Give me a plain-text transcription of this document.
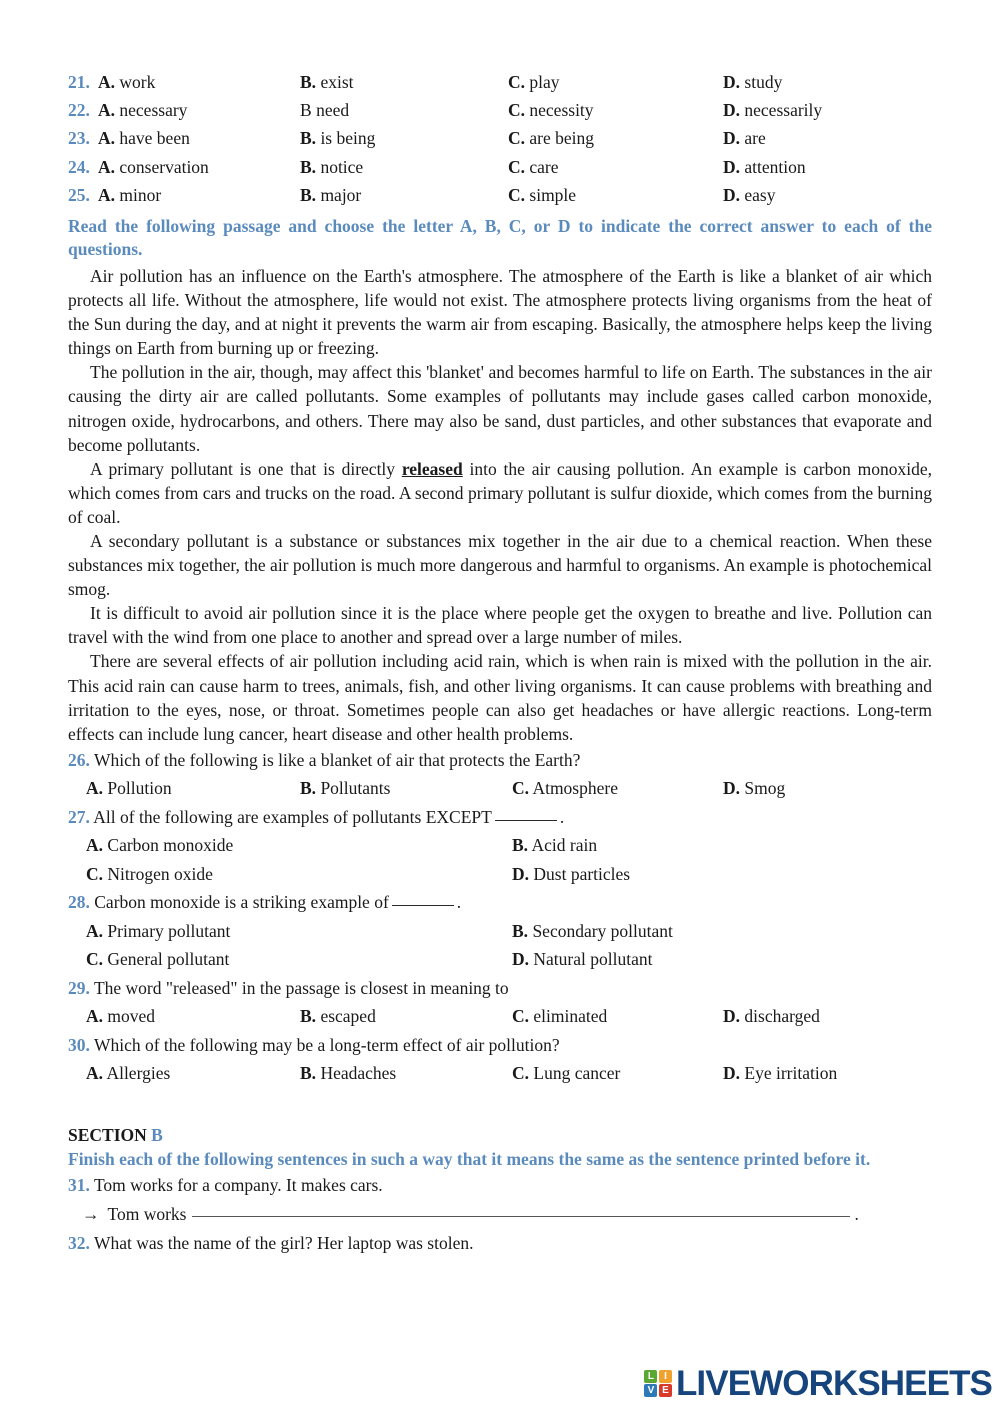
21. A. work	B. exist	C. play	D. study
22. A. necessary	B need	C. necessity	D. necessarily
23. A. have been	B. is being	C. are being	D. are
24. A. conservation	B. notice	C. care	D. attention
25. A. minor	B. major	C. simple	D. easy
Read the following passage and choose the letter A, B, C, or D to indicate the correct answer to each of the questions.

Air pollution has an influence on the Earth's atmosphere. The atmosphere of the Earth is like a blanket of air which protects all life. Without the atmosphere, life would not exist. The atmosphere protects living organisms from the heat of the Sun during the day, and at night it prevents the warm air from escaping. Basically, the atmosphere helps keep the living things on Earth from burning up or freezing.

The pollution in the air, though, may affect this 'blanket' and becomes harmful to life on Earth. The substances in the air causing the dirty air are called pollutants. Some examples of pollutants may include gases called carbon monoxide, nitrogen oxide, hydrocarbons, and others. There may also be sand, dust particles, and other substances that evaporate and become pollutants.

A primary pollutant is one that is directly released into the air causing pollution. An example is carbon monoxide, which comes from cars and trucks on the road. A second primary pollutant is sulfur dioxide, which comes from the burning of coal.

A secondary pollutant is a substance or substances mix together in the air due to a chemical reaction. When these substances mix together, the air pollution is much more dangerous and harmful to organisms. An example is photochemical smog.

It is difficult to avoid air pollution since it is the place where people get the oxygen to breathe and live. Pollution can travel with the wind from one place to another and spread over a large number of miles.

There are several effects of air pollution including acid rain, which is when rain is mixed with the pollution in the air. This acid rain can cause harm to trees, animals, fish, and other living organisms. It can cause problems with breathing and irritation to the eyes, nose, or throat. Sometimes people can also get headaches or have allergic reactions. Long-term effects can include lung cancer, heart disease and other health problems.

26. Which of the following is like a blanket of air that protects the Earth?
A. Pollution	B. Pollutants	C. Atmosphere	D. Smog
27. All of the following are examples of pollutants EXCEPT	.
A. Carbon monoxide	B. Acid rain
C. Nitrogen oxide	D. Dust particles
28. Carbon monoxide is a striking example of	.
A. Primary pollutant	B. Secondary pollutant
C. General pollutant	D. Natural pollutant
29. The word "released" in the passage is closest in meaning to
A. moved	B. escaped	C. eliminated	D. discharged
30. Which of the following may be a long-term effect of air pollution?
A. Allergies	B. Headaches	C. Lung cancer	D. Eye irritation
SECTION B
Finish each of the following sentences in such a way that it means the same as the sentence printed before it.
31. Tom works for a company. It makes cars.
→ Tom works	.
32. What was the name of the girl? Her laptop was stolen.
L	I
V E LIVEWORKSHEETS
